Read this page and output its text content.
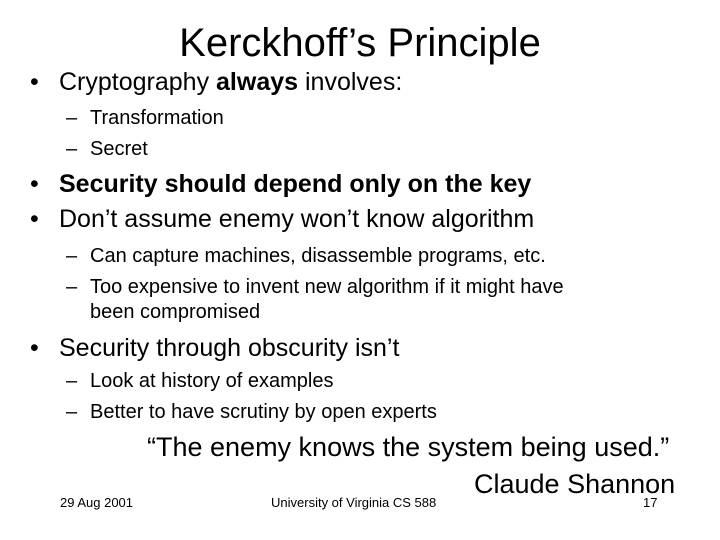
Kerckhoff’s Principle
• Cryptography always involves:
– Transformation
– Secret
• Security should depend only on the key
• Don’t assume enemy won’t know algorithm
– Can capture machines, disassemble programs, etc.
– Too expensive to invent new algorithm if it might have
been compromised
• Security through obscurity isn’t
– Look at history of examples
– Better to have scrutiny by open experts
“The enemy knows the system being used.”
Claude Shannon
29 Aug 2001	University of Virginia CS 588	17
